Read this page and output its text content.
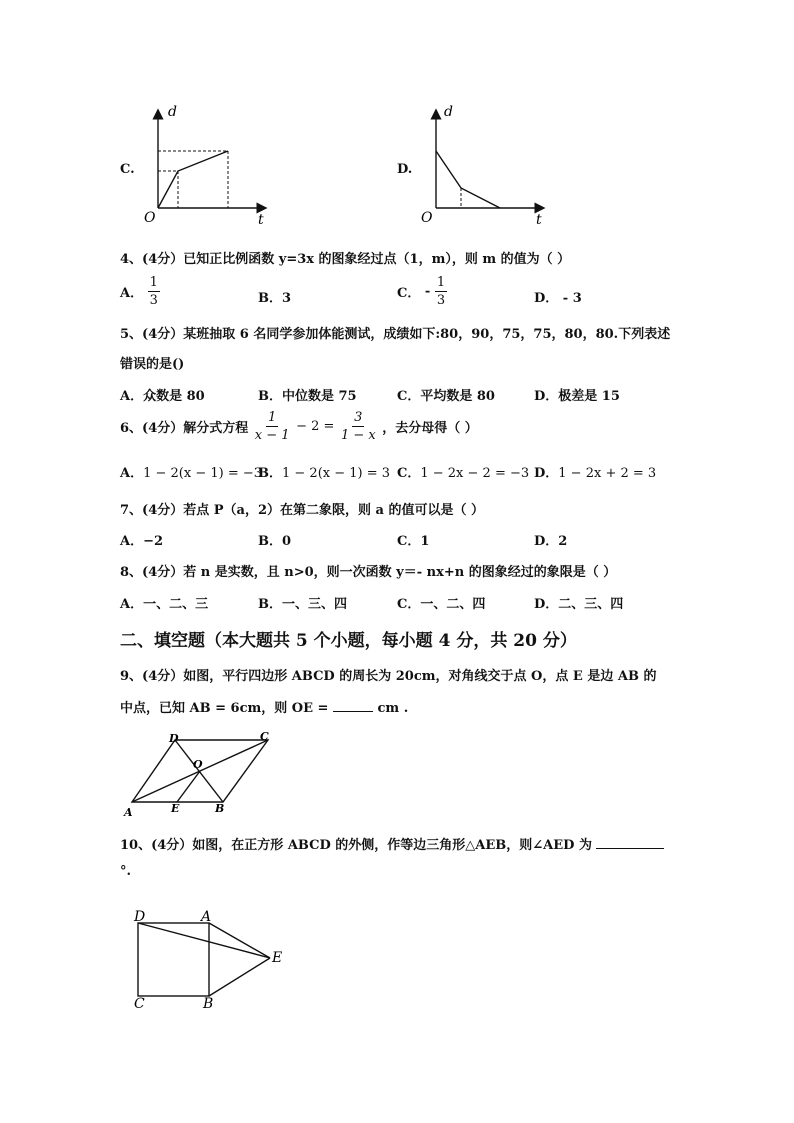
C.
d
t
O
D.
d
t
O
4、(4分）已知正比例函数 y=3x 的图象经过点（1，m），则 m 的值为（ ）
A． $\frac{1}{3}$	B．3	C． - $\frac{1}{3}$	D． - 3
5、(4分）某班抽取 6 名同学参加体能测试，成绩如下:80，90，75，75，80，80.下列表述
错误的是()
A．众数是 80	B．中位数是 75	C．平均数是 80	D．极差是 15
6、(4分）解分式方程 $\frac{1}{x - 1} - 2 = \frac{3}{1 - x}$ ，去分母得（ ）
A．1 − 2(x − 1) = −3
B．1 − 2(x − 1) = 3 C．1 − 2x − 2 = −3 D．1 − 2x + 2 = 3
7、(4分）若点 P（a，2）在第二象限，则 a 的值可以是（ ）
A．−2	B．0	C．1	D．2
8、(4分）若 n 是实数，且 n>0，则一次函数 y＝- nx+n 的图象经过的象限是（ ）
A．一、二、三	B．一、三、四	C．一、二、四	D．二、三、四
二、填空题（本大题共 5 个小题，每小题 4 分，共 20 分）
9、(4分）如图，平行四边形 ABCD 的周长为 20cm，对角线交于点 O，点 E 是边 AB 的
中点，已知 AB = 6cm，则 OE =	cm .
A	B
C
D
E
O
10、(4分）如图，在正方形 ABCD 的外侧，作等边三角形△AEB，则∠AED 为
°.
D	A
C	B
E
